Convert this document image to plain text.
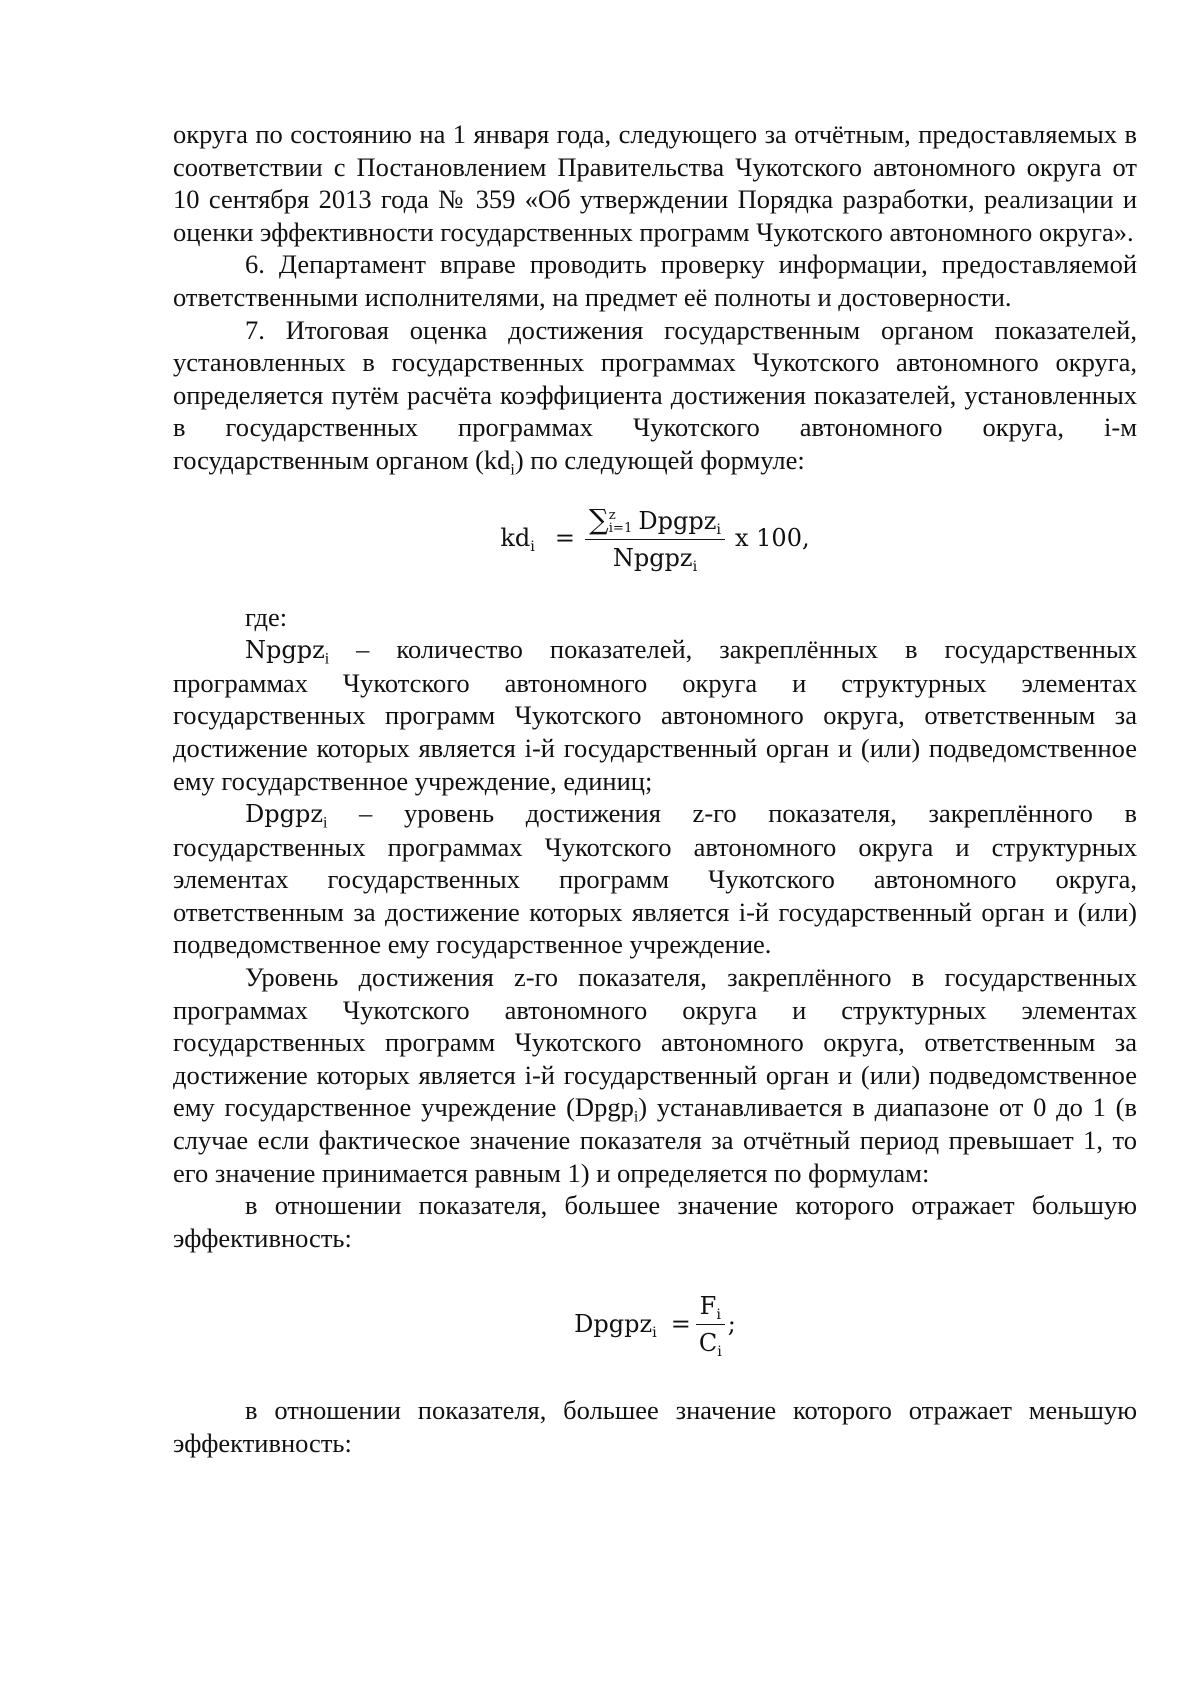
округа по состоянию на 1 января года, следующего за отчётным, предоставляемых в соответствии с Постановлением Правительства Чукотского автономного округа от 10 сентября 2013 года № 359 «Об утверждении Порядка разработки, реализации и оценки эффективности государственных программ Чукотского автономного округа».

6. Департамент вправе проводить проверку информации, предоставляемой ответственными исполнителями, на предмет её полноты и достоверности.

7. Итоговая оценка достижения государственным органом показателей, установленных в государственных программах Чукотского автономного округа, определяется путём расчёта коэффициента достижения показателей, установленных в государственных программах Чукотского автономного округа, i-м государственным органом $(kd_i)$ по следующей формуле:

$kd_i$ = ∑ z
i=1 Dpgpz$_i$
Npgpz$_i$ x 100,

где:

Npgpz$_i$ – количество показателей, закреплённых в государственных программах Чукотского автономного округа и структурных элементах государственных программ Чукотского автономного округа, ответственным за достижение которых является i-й государственный орган и (или) подведомственное ему государственное учреждение, единиц;

Dpgpz$_i$ – уровень достижения z-го показателя, закреплённого в государственных программах Чукотского автономного округа и структурных элементах государственных программ Чукотского автономного округа, ответственным за достижение которых является i-й государственный орган и (или) подведомственное ему государственное учреждение.

Уровень достижения z-го показателя, закреплённого в государственных программах Чукотского автономного округа и структурных элементах государственных программ Чукотского автономного округа, ответственным за достижение которых является i-й государственный орган и (или) подведомственное ему государственное учреждение (Dpgp$_i$) устанавливается в диапазоне от 0 до 1 (в случае если фактическое значение показателя за отчётный период превышает 1, то его значение принимается равным 1) и определяется по формулам:

в отношении показателя, большее значение которого отражает большую эффективность:

Dpgpz$_i$ = $\frac{F_i}{C_i}$ ;

в отношении показателя, большее значение которого отражает меньшую эффективность:
